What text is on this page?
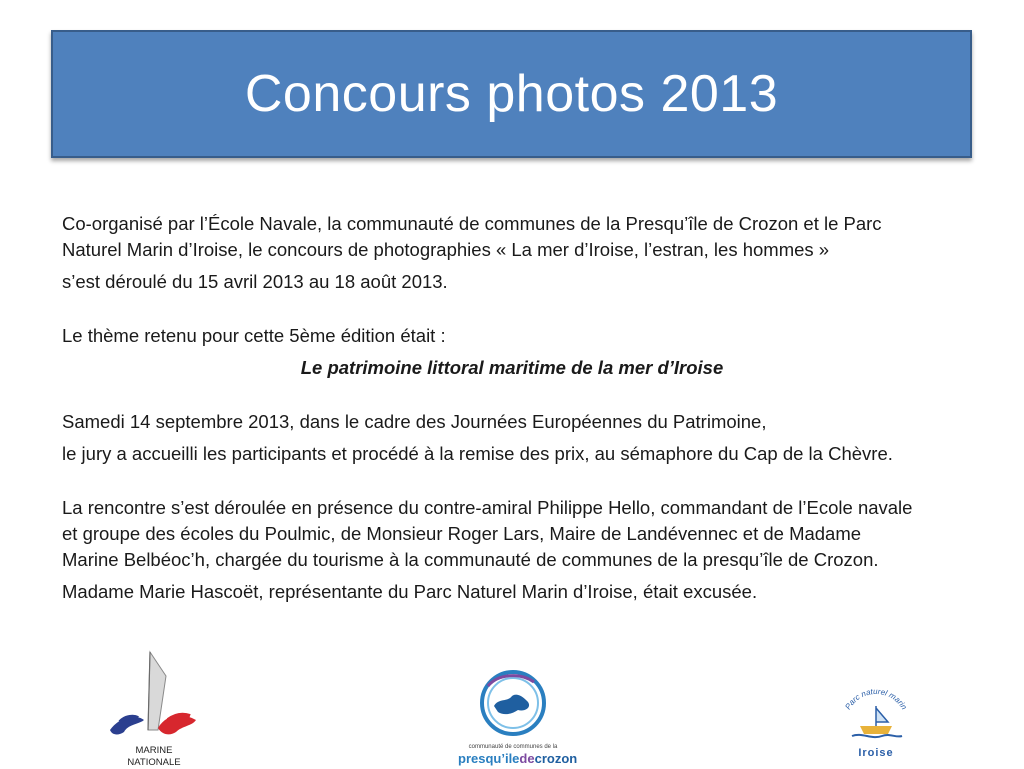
Concours photos 2013

Co-organisé par l’École Navale, la communauté de communes de la Presqu’île de Crozon et le Parc

Naturel Marin d’Iroise, le concours de photographies « La mer d’Iroise, l’estran, les hommes »

s’est déroulé du 15 avril 2013 au 18 août 2013.

Le thème retenu pour cette 5ème édition était :

Le patrimoine littoral maritime de la mer d’Iroise

Samedi 14 septembre 2013, dans le cadre des Journées Européennes du Patrimoine,

le jury a accueilli les participants et procédé à la remise des prix, au sémaphore du Cap de la Chèvre.

La rencontre s’est déroulée en présence du contre-amiral Philippe Hello, commandant de l’Ecole navale

et groupe des écoles du Poulmic, de Monsieur Roger Lars, Maire de Landévennec et de Madame

Marine Belbéoc’h, chargée du tourisme à la communauté de communes de la presqu’île de Crozon.

Madame Marie Hascoët, représentante du Parc Naturel Marin d’Iroise, était excusée.

MARINE
NATIONALE
communauté de communes de la
presqu’iledecrozon
Parc naturel marin
Iroise
